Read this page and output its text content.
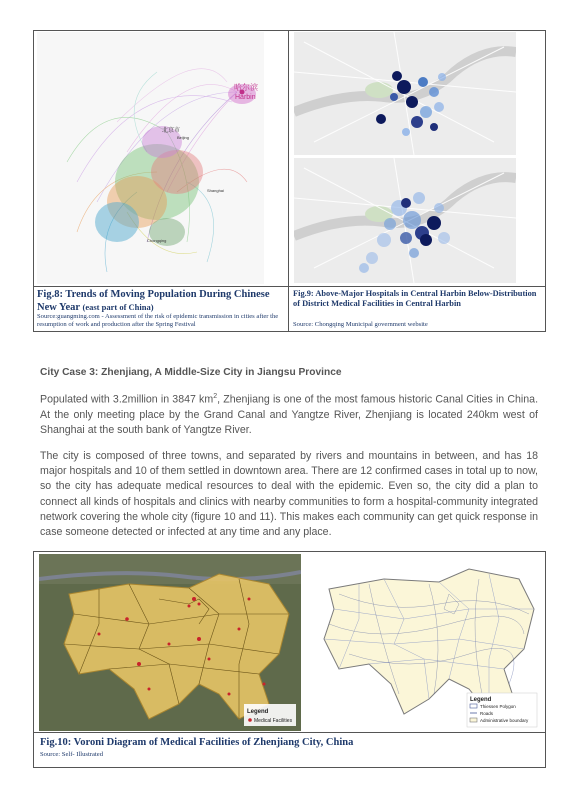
哈尔滨
Harbin
北京市
Beijing
Shanghai
Chongqing
Fig.8: Trends of Moving Population During Chinese New Year (east part of China)
Source:guangming.com - Assessment of the risk of epidemic transmission in cities after the resumption of work and production after the Spring Festival
Fig.9: Above-Major Hospitals in Central Harbin Below-Distribution of District Medical Facilities in Central Harbin
Source: Chongqing Municipal government website
City Case 3: Zhenjiang, A Middle-Size City in Jiangsu Province
Populated with 3.2million in 3847 $km^2$, Zhenjiang is one of the most famous historic Canal Cities in China. At the only meeting place by the Grand Canal and Yangtze River, Zhenjiang is located 240km west of Shanghai at the south bank of Yangtze River.
The city is composed of three towns, and separated by rivers and mountains in between, and has 18 major hospitals and 10 of them settled in downtown area. There are 12 confirmed cases in total up to now, so the city has adequate medical resources to deal with the epidemic. Even so, the city did a plan to connect all kinds of hospitals and clinics with nearby communities to form a hospital-community integrated network covering the whole city (figure 10 and 11). This makes each community can get quick response in case someone detected or infected at any time and any place.
Legend
Medical Facilities
Legend
Thiessen Polygon
Roads
Administrative boundary
Fig.10: Voroni Diagram of Medical Facilities of Zhenjiang City, China
Source: Self- Illustrated
